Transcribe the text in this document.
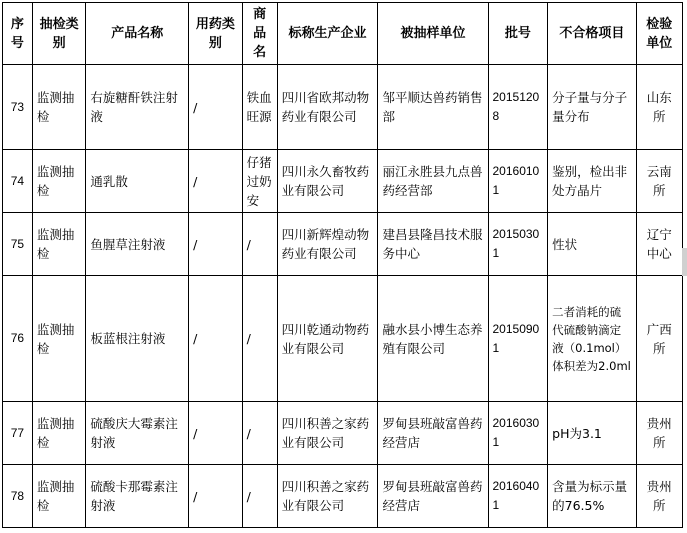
序号	抽检类别	产品名称	用药类别	商品名	标称生产企业	被抽样单位	批号	不合格项目	检验单位
73	监测抽检	右旋糖酐铁注射液	/	铁血旺源	四川省欧邦动物药业有限公司	邹平顺达兽药销售部	20151208	分子量与分子量分布	山东所
74	监测抽检	通乳散	/	仔猪过奶安	四川永久畜牧药业有限公司	丽江永胜县九点兽药经营部	20160101	鉴别，检出非处方晶片	云南所
75	监测抽检	鱼腥草注射液	/	/	四川新辉煌动物药业有限公司	建昌县隆昌技术服务中心	20150301	性状	辽宁中心
76	监测抽检	板蓝根注射液	/	/	四川乾通动物药业有限公司	融水县小博生态养殖有限公司	20150901	二者消耗的硫代硫酸钠滴定液（0.1mol）体积差为2.0ml	广西所
77	监测抽检	硫酸庆大霉素注射液	/	/	四川积善之家药业有限公司	罗甸县班敲富兽药经营店	20160301	pH为3.1	贵州所
78	监测抽检	硫酸卡那霉素注射液	/	/	四川积善之家药业有限公司	罗甸县班敲富兽药经营店	20160401	含量为标示量的76.5%	贵州所
